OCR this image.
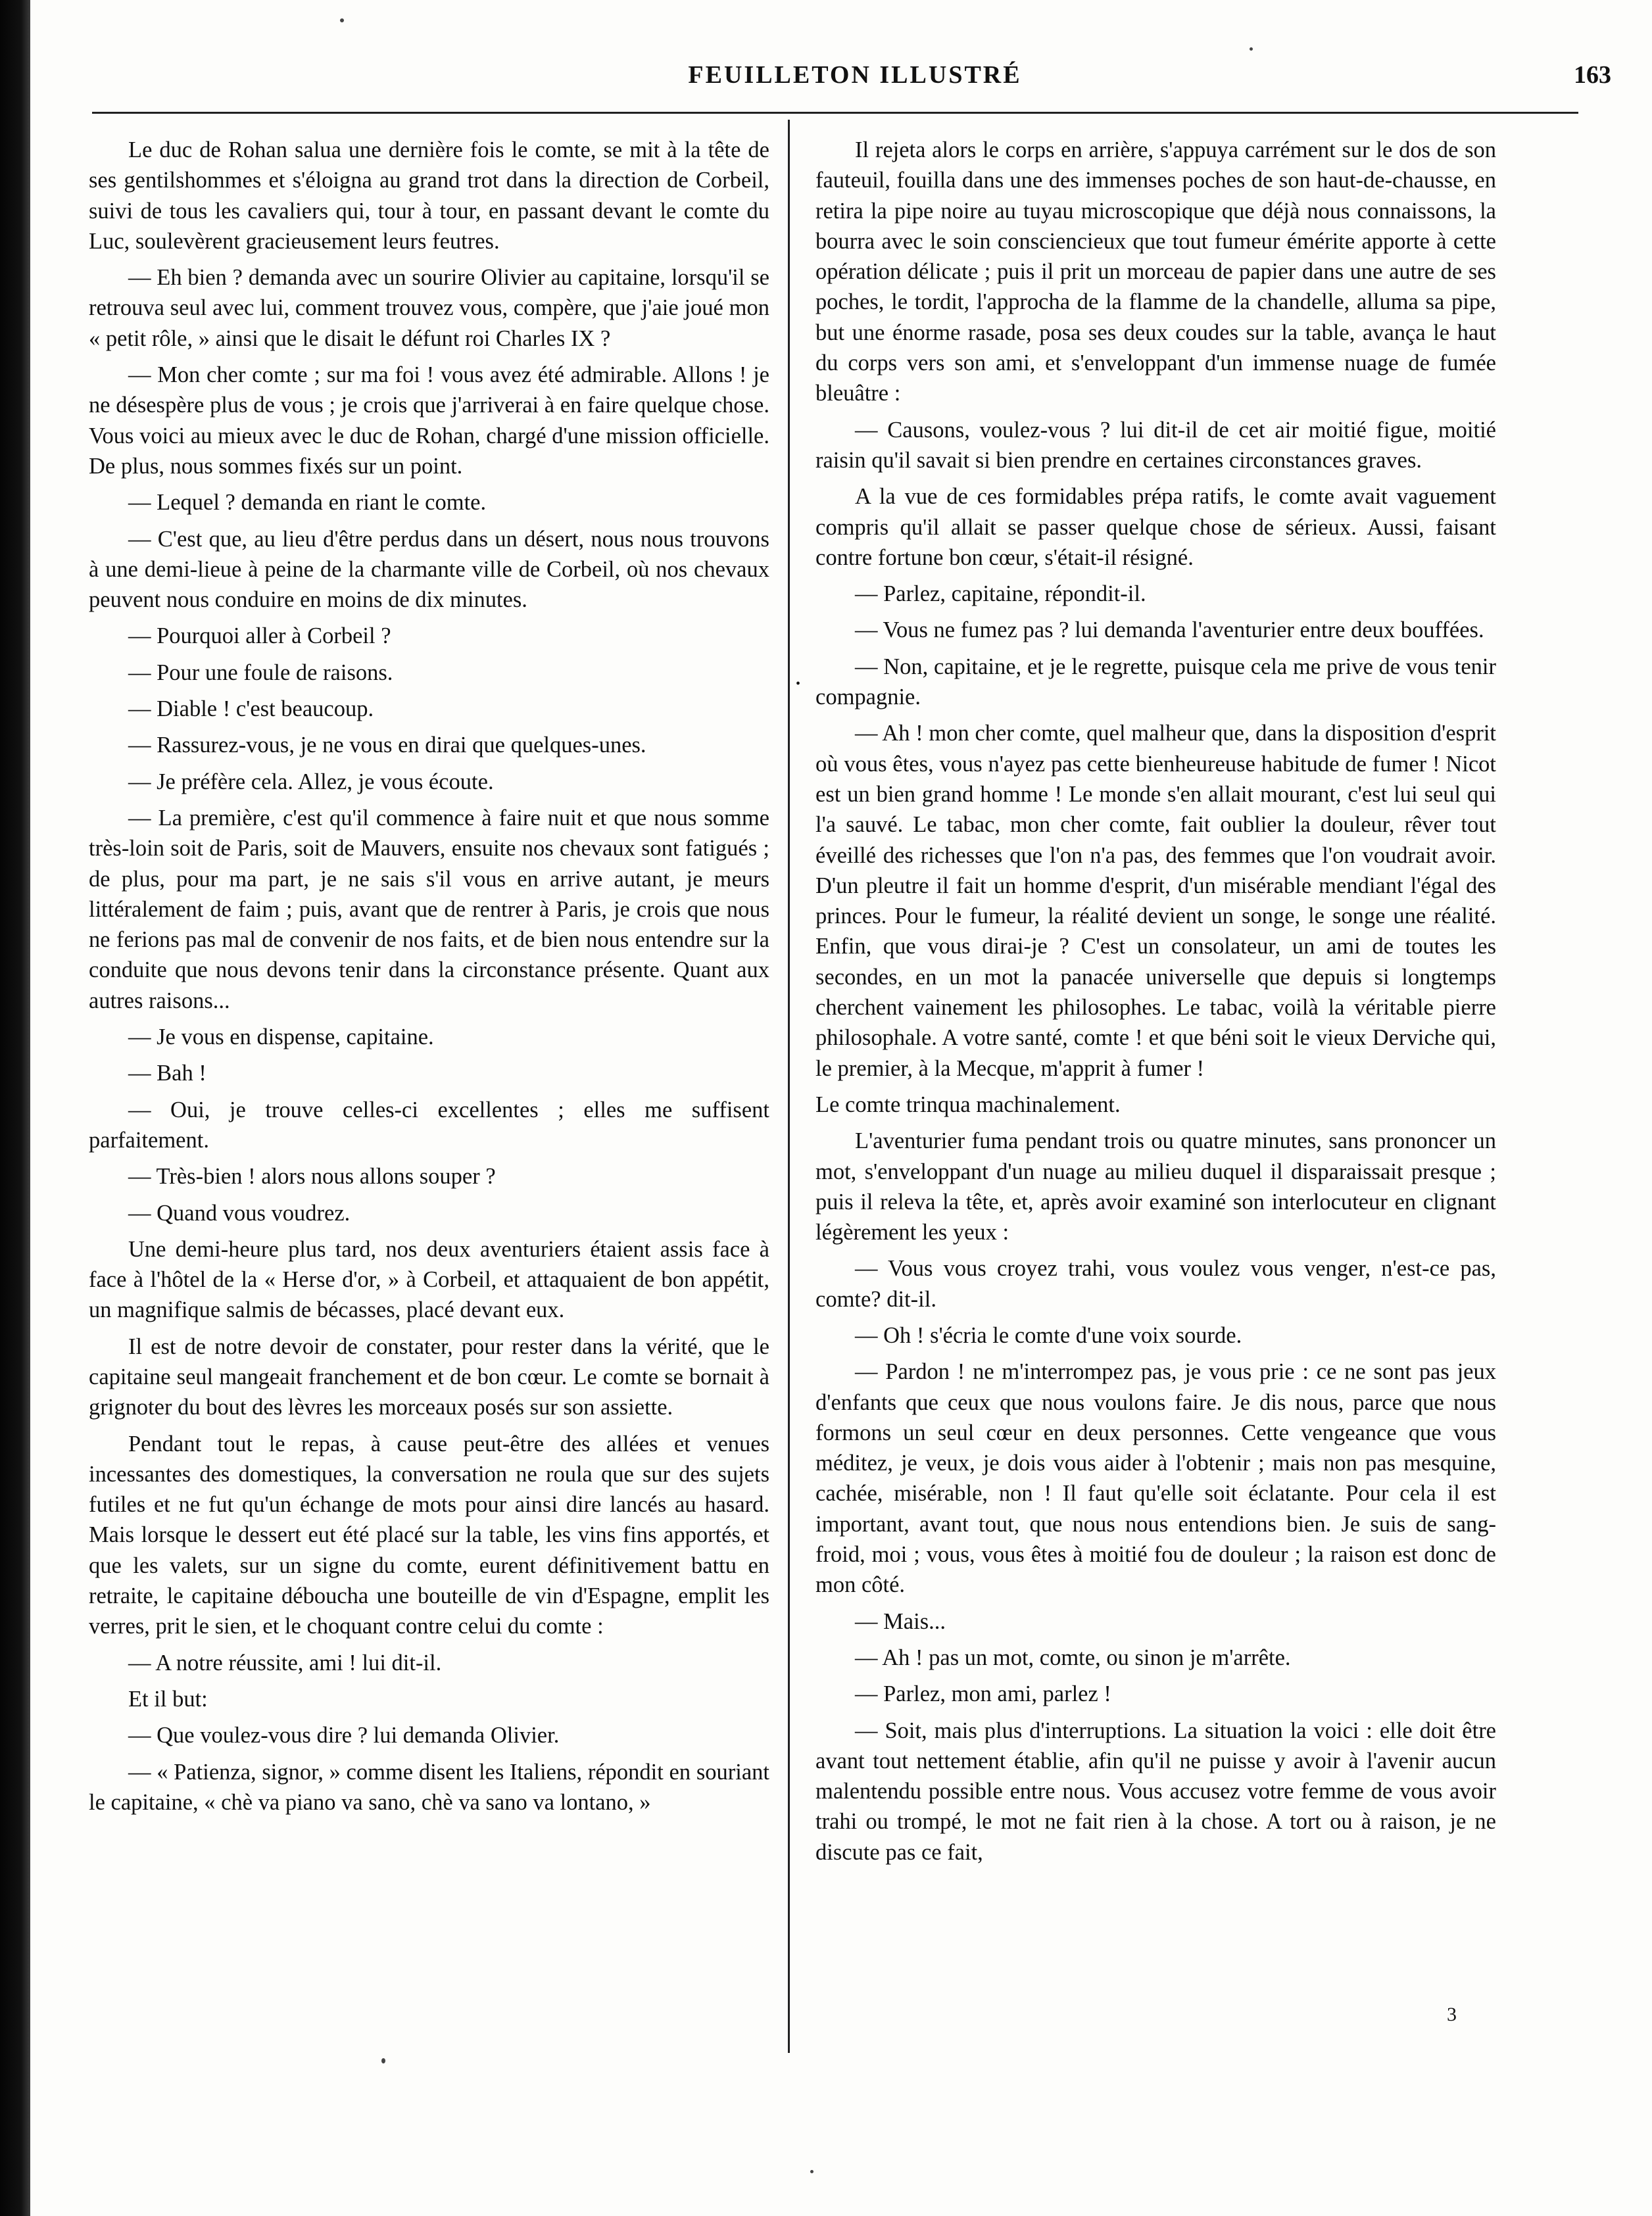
FEUILLETON ILLUSTRÉ	163

Le duc de Rohan salua une dernière fois le comte, se mit à la tête de ses gentilshommes et s'éloigna au grand trot dans la direction de Corbeil, suivi de tous les cavaliers qui, tour à tour, en passant devant le comte du Luc, soulevèrent gracieusement leurs feutres.

— Eh bien ? demanda avec un sourire Olivier au capitaine, lorsqu'il se retrouva seul avec lui, comment trouvez vous, compère, que j'aie joué mon « petit rôle, » ainsi que le disait le défunt roi Charles IX ?

— Mon cher comte ; sur ma foi ! vous avez été admirable. Allons ! je ne désespère plus de vous ; je crois que j'arriverai à en faire quelque chose. Vous voici au mieux avec le duc de Rohan, chargé d'une mission officielle. De plus, nous sommes fixés sur un point.

— Lequel ? demanda en riant le comte.

— C'est que, au lieu d'être perdus dans un désert, nous nous trouvons à une demi-lieue à peine de la charmante ville de Corbeil, où nos chevaux peuvent nous conduire en moins de dix minutes.

— Pourquoi aller à Corbeil ?

— Pour une foule de raisons.

— Diable ! c'est beaucoup.

— Rassurez-vous, je ne vous en dirai que quelques-unes.

— Je préfère cela. Allez, je vous écoute.

— La première, c'est qu'il commence à faire nuit et que nous somme très-loin soit de Paris, soit de Mauvers, ensuite nos chevaux sont fatigués ; de plus, pour ma part, je ne sais s'il vous en arrive autant, je meurs littéralement de faim ; puis, avant que de rentrer à Paris, je crois que nous ne ferions pas mal de convenir de nos faits, et de bien nous entendre sur la conduite que nous devons tenir dans la circonstance présente. Quant aux autres raisons...

— Je vous en dispense, capitaine.

— Bah !

— Oui, je trouve celles-ci excellentes ; elles me suffisent parfaitement.

— Très-bien ! alors nous allons souper ?

— Quand vous voudrez.

Une demi-heure plus tard, nos deux aventuriers étaient assis face à face à l'hôtel de la « Herse d'or, » à Corbeil, et attaquaient de bon appétit, un magnifique salmis de bécasses, placé devant eux.

Il est de notre devoir de constater, pour rester dans la vérité, que le capitaine seul mangeait franchement et de bon cœur. Le comte se bornait à grignoter du bout des lèvres les morceaux posés sur son assiette.

Pendant tout le repas, à cause peut-être des allées et venues incessantes des domestiques, la conversation ne roula que sur des sujets futiles et ne fut qu'un échange de mots pour ainsi dire lancés au hasard. Mais lorsque le dessert eut été placé sur la table, les vins fins apportés, et que les valets, sur un signe du comte, eurent définitivement battu en retraite, le capitaine déboucha une bouteille de vin d'Espagne, emplit les verres, prit le sien, et le choquant contre celui du comte :

— A notre réussite, ami ! lui dit-il.

Et il but:

— Que voulez-vous dire ? lui demanda Olivier.

— « Patienza, signor, » comme disent les Italiens, répondit en souriant le capitaine, « chè va piano va sano, chè va sano va lontano, »

•

Il rejeta alors le corps en arrière, s'appuya carrément sur le dos de son fauteuil, fouilla dans une des immenses poches de son haut-de-chausse, en retira la pipe noire au tuyau microscopique que déjà nous connaissons, la bourra avec le soin consciencieux que tout fumeur émérite apporte à cette opération délicate ; puis il prit un morceau de papier dans une autre de ses poches, le tordit, l'approcha de la flamme de la chandelle, alluma sa pipe, but une énorme rasade, posa ses deux coudes sur la table, avança le haut du corps vers son ami, et s'enveloppant d'un immense nuage de fumée bleuâtre :

— Causons, voulez-vous ? lui dit-il de cet air moitié figue, moitié raisin qu'il savait si bien prendre en certaines circonstances graves.

A la vue de ces formidables prépa ratifs, le comte avait vaguement compris qu'il allait se passer quelque chose de sérieux. Aussi, faisant contre fortune bon cœur, s'était-il résigné.

— Parlez, capitaine, répondit-il.

— Vous ne fumez pas ? lui demanda l'aventurier entre deux bouffées.

— Non, capitaine, et je le regrette, puisque cela me prive de vous tenir compagnie.

— Ah ! mon cher comte, quel malheur que, dans la disposition d'esprit où vous êtes, vous n'ayez pas cette bienheureuse habitude de fumer ! Nicot est un bien grand homme ! Le monde s'en allait mourant, c'est lui seul qui l'a sauvé. Le tabac, mon cher comte, fait oublier la douleur, rêver tout éveillé des richesses que l'on n'a pas, des femmes que l'on voudrait avoir. D'un pleutre il fait un homme d'esprit, d'un misérable mendiant l'égal des princes. Pour le fumeur, la réalité devient un songe, le songe une réalité. Enfin, que vous dirai-je ? C'est un consolateur, un ami de toutes les secondes, en un mot la panacée universelle que depuis si longtemps cherchent vainement les philosophes. Le tabac, voilà la véritable pierre philosophale. A votre santé, comte ! et que béni soit le vieux Derviche qui, le premier, à la Mecque, m'apprit à fumer !

Le comte trinqua machinalement.

L'aventurier fuma pendant trois ou quatre minutes, sans prononcer un mot, s'enveloppant d'un nuage au milieu duquel il disparaissait presque ; puis il releva la tête, et, après avoir examiné son interlocuteur en clignant légèrement les yeux :

— Vous vous croyez trahi, vous voulez vous venger, n'est-ce pas, comte? dit-il.

— Oh ! s'écria le comte d'une voix sourde.

— Pardon ! ne m'interrompez pas, je vous prie : ce ne sont pas jeux d'enfants que ceux que nous voulons faire. Je dis nous, parce que nous formons un seul cœur en deux personnes. Cette vengeance que vous méditez, je veux, je dois vous aider à l'obtenir ; mais non pas mesquine, cachée, misérable, non ! Il faut qu'elle soit éclatante. Pour cela il est important, avant tout, que nous nous entendions bien. Je suis de sang-froid, moi ; vous, vous êtes à moitié fou de douleur ; la raison est donc de mon côté.

— Mais...

— Ah ! pas un mot, comte, ou sinon je m'arrête.

— Parlez, mon ami, parlez !

— Soit, mais plus d'interruptions. La situation la voici : elle doit être avant tout nettement établie, afin qu'il ne puisse y avoir à l'avenir aucun malentendu possible entre nous. Vous accusez votre femme de vous avoir trahi ou trompé, le mot ne fait rien à la chose. A tort ou à raison, je ne discute pas ce fait,

3
